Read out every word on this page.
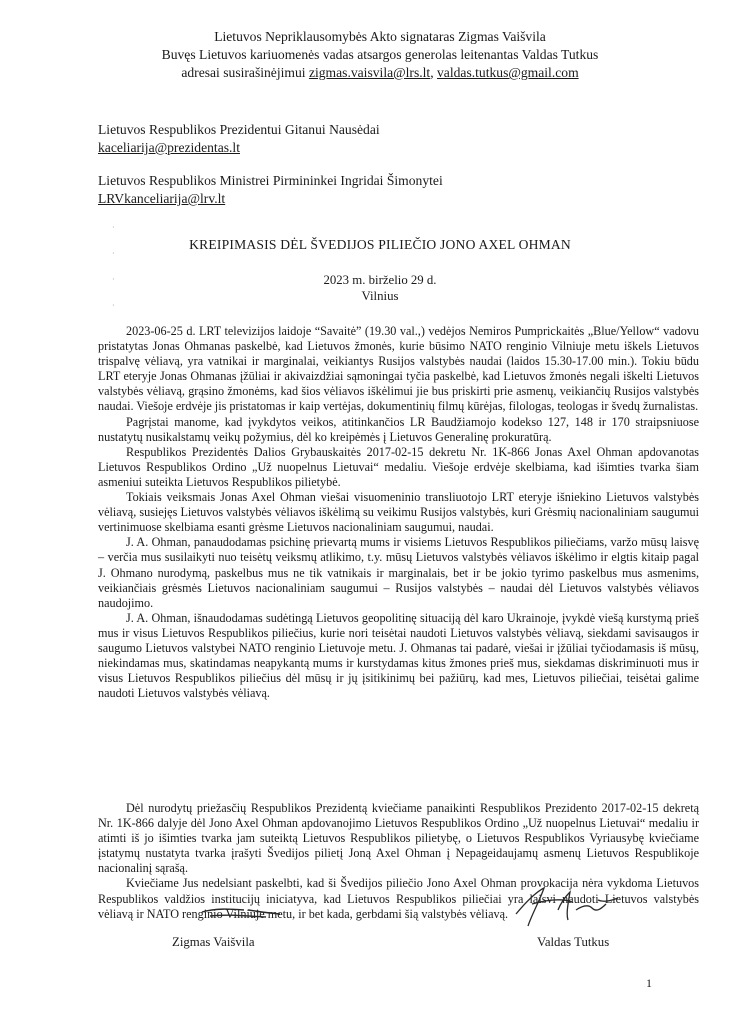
Lietuvos Nepriklausomybės Akto signataras Zigmas Vaišvila
Buvęs Lietuvos kariuomenės vadas atsargos generolas leitenantas Valdas Tutkus
adresai susirašinėjimui zigmas.vaisvila@lrs.lt, valdas.tutkus@gmail.com
Lietuvos Respublikos Prezidentui Gitanui Nausėdai
kaceliarija@prezidentas.lt
Lietuvos Respublikos Ministrei Pirmininkei Ingridai Šimonytei
LRVkanceliarija@lrv.lt
·
·
·
·
KREIPIMASIS DĖL ŠVEDIJOS PILIEČIO JONO AXEL OHMAN
2023 m. birželio 29 d.
Vilnius

2023-06-25 d. LRT televizijos laidoje “Savaitė” (19.30 val.,) vedėjos Nemiros Pumprickaitės „Blue/Yellow“ vadovu pristatytas Jonas Ohmanas paskelbė, kad Lietuvos žmonės, kurie būsimo NATO renginio Vilniuje metu iškels Lietuvos trispalvę vėliavą, yra vatnikai ir marginalai, veikiantys Rusijos valstybės naudai (laidos 15.30-17.00 min.). Tokiu būdu LRT eteryje Jonas Ohmanas įžūliai ir akivaizdžiai sąmoningai tyčia paskelbė, kad Lietuvos žmonės negali iškelti Lietuvos valstybės vėliavą, grąsino žmonėms, kad šios vėliavos iškėlimui jie bus priskirti prie asmenų, veikiančių Rusijos valstybės naudai. Viešoje erdvėje jis pristatomas ir kaip vertėjas, dokumentinių filmų kūrėjas, filologas, teologas ir švedų žurnalistas.

Pagrįstai manome, kad įvykdytos veikos, atitinkančios LR Baudžiamojo kodekso 127, 148 ir 170 straipsniuose nustatytų nusikalstamų veikų požymius, dėl ko kreipėmės į Lietuvos Generalinę prokuratūrą.

Respublikos Prezidentės Dalios Grybauskaitės 2017-02-15 dekretu Nr. 1K-866 Jonas Axel Ohman apdovanotas Lietuvos Respublikos Ordino „Už nuopelnus Lietuvai“ medaliu. Viešoje erdvėje skelbiama, kad išimties tvarka šiam asmeniui suteikta Lietuvos Respublikos pilietybė.

Tokiais veiksmais Jonas Axel Ohman viešai visuomeninio transliuotojo LRT eteryje išniekino Lietuvos valstybės vėliavą, susiejęs Lietuvos valstybės vėliavos iškėlimą su veikimu Rusijos valstybės, kuri Grėsmių nacionaliniam saugumui vertinimuose skelbiama esanti grėsme Lietuvos nacionaliniam saugumui, naudai.

J. A. Ohman, panaudodamas psichinę prievartą mums ir visiems Lietuvos Respublikos piliečiams, varžo mūsų laisvę – verčia mus susilaikyti nuo teisėtų veiksmų atlikimo, t.y. mūsų Lietuvos valstybės vėliavos iškėlimo ir elgtis kitaip pagal J. Ohmano nurodymą, paskelbus mus ne tik vatnikais ir marginalais, bet ir be jokio tyrimo paskelbus mus asmenims, veikiančiais grėsmės Lietuvos nacionaliniam saugumui – Rusijos valstybės – naudai dėl Lietuvos valstybės vėliavos naudojimo.

J. A. Ohman, išnaudodamas sudėtingą Lietuvos geopolitinę situaciją dėl karo Ukrainoje, įvykdė viešą kurstymą prieš mus ir visus Lietuvos Respublikos piliečius, kurie nori teisėtai naudoti Lietuvos valstybės vėliavą, siekdami savisaugos ir saugumo Lietuvos valstybei NATO renginio Lietuvoje metu. J. Ohmanas tai padarė, viešai ir įžūliai tyčiodamasis iš mūsų, niekindamas mus, skatindamas neapykantą mums ir kurstydamas kitus žmones prieš mus, siekdamas diskriminuoti mus ir visus Lietuvos Respublikos piliečius dėl mūsų ir jų įsitikinimų bei pažiūrų, kad mes, Lietuvos piliečiai, teisėtai galime naudoti Lietuvos valstybės vėliavą.

Dėl nurodytų priežasčių Respublikos Prezidentą kviečiame panaikinti Respublikos Prezidento 2017-02-15 dekretą Nr. 1K-866 dalyje dėl Jono Axel Ohman apdovanojimo Lietuvos Respublikos Ordino „Už nuopelnus Lietuvai“ medaliu ir atimti iš jo išimties tvarka jam suteiktą Lietuvos Respublikos pilietybę, o Lietuvos Respublikos Vyriausybę kviečiame įstatymų nustatyta tvarka įrašyti Švedijos pilietį Joną Axel Ohman į Nepageidaujamų asmenų Lietuvos Respublikoje nacionalinį sąrašą.

Kviečiame Jus nedelsiant paskelbti, kad ši Švedijos piliečio Jono Axel Ohman provokacija nėra vykdoma Lietuvos Respublikos valdžios institucijų iniciatyva, kad Lietuvos Respublikos piliečiai yra laisvi naudoti Lietuvos valstybės vėliavą ir NATO renginio Vilniuje metu, ir bet kada, gerbdami šią valstybės vėliavą.

Zigmas Vaišvila	Valdas Tutkus
1
